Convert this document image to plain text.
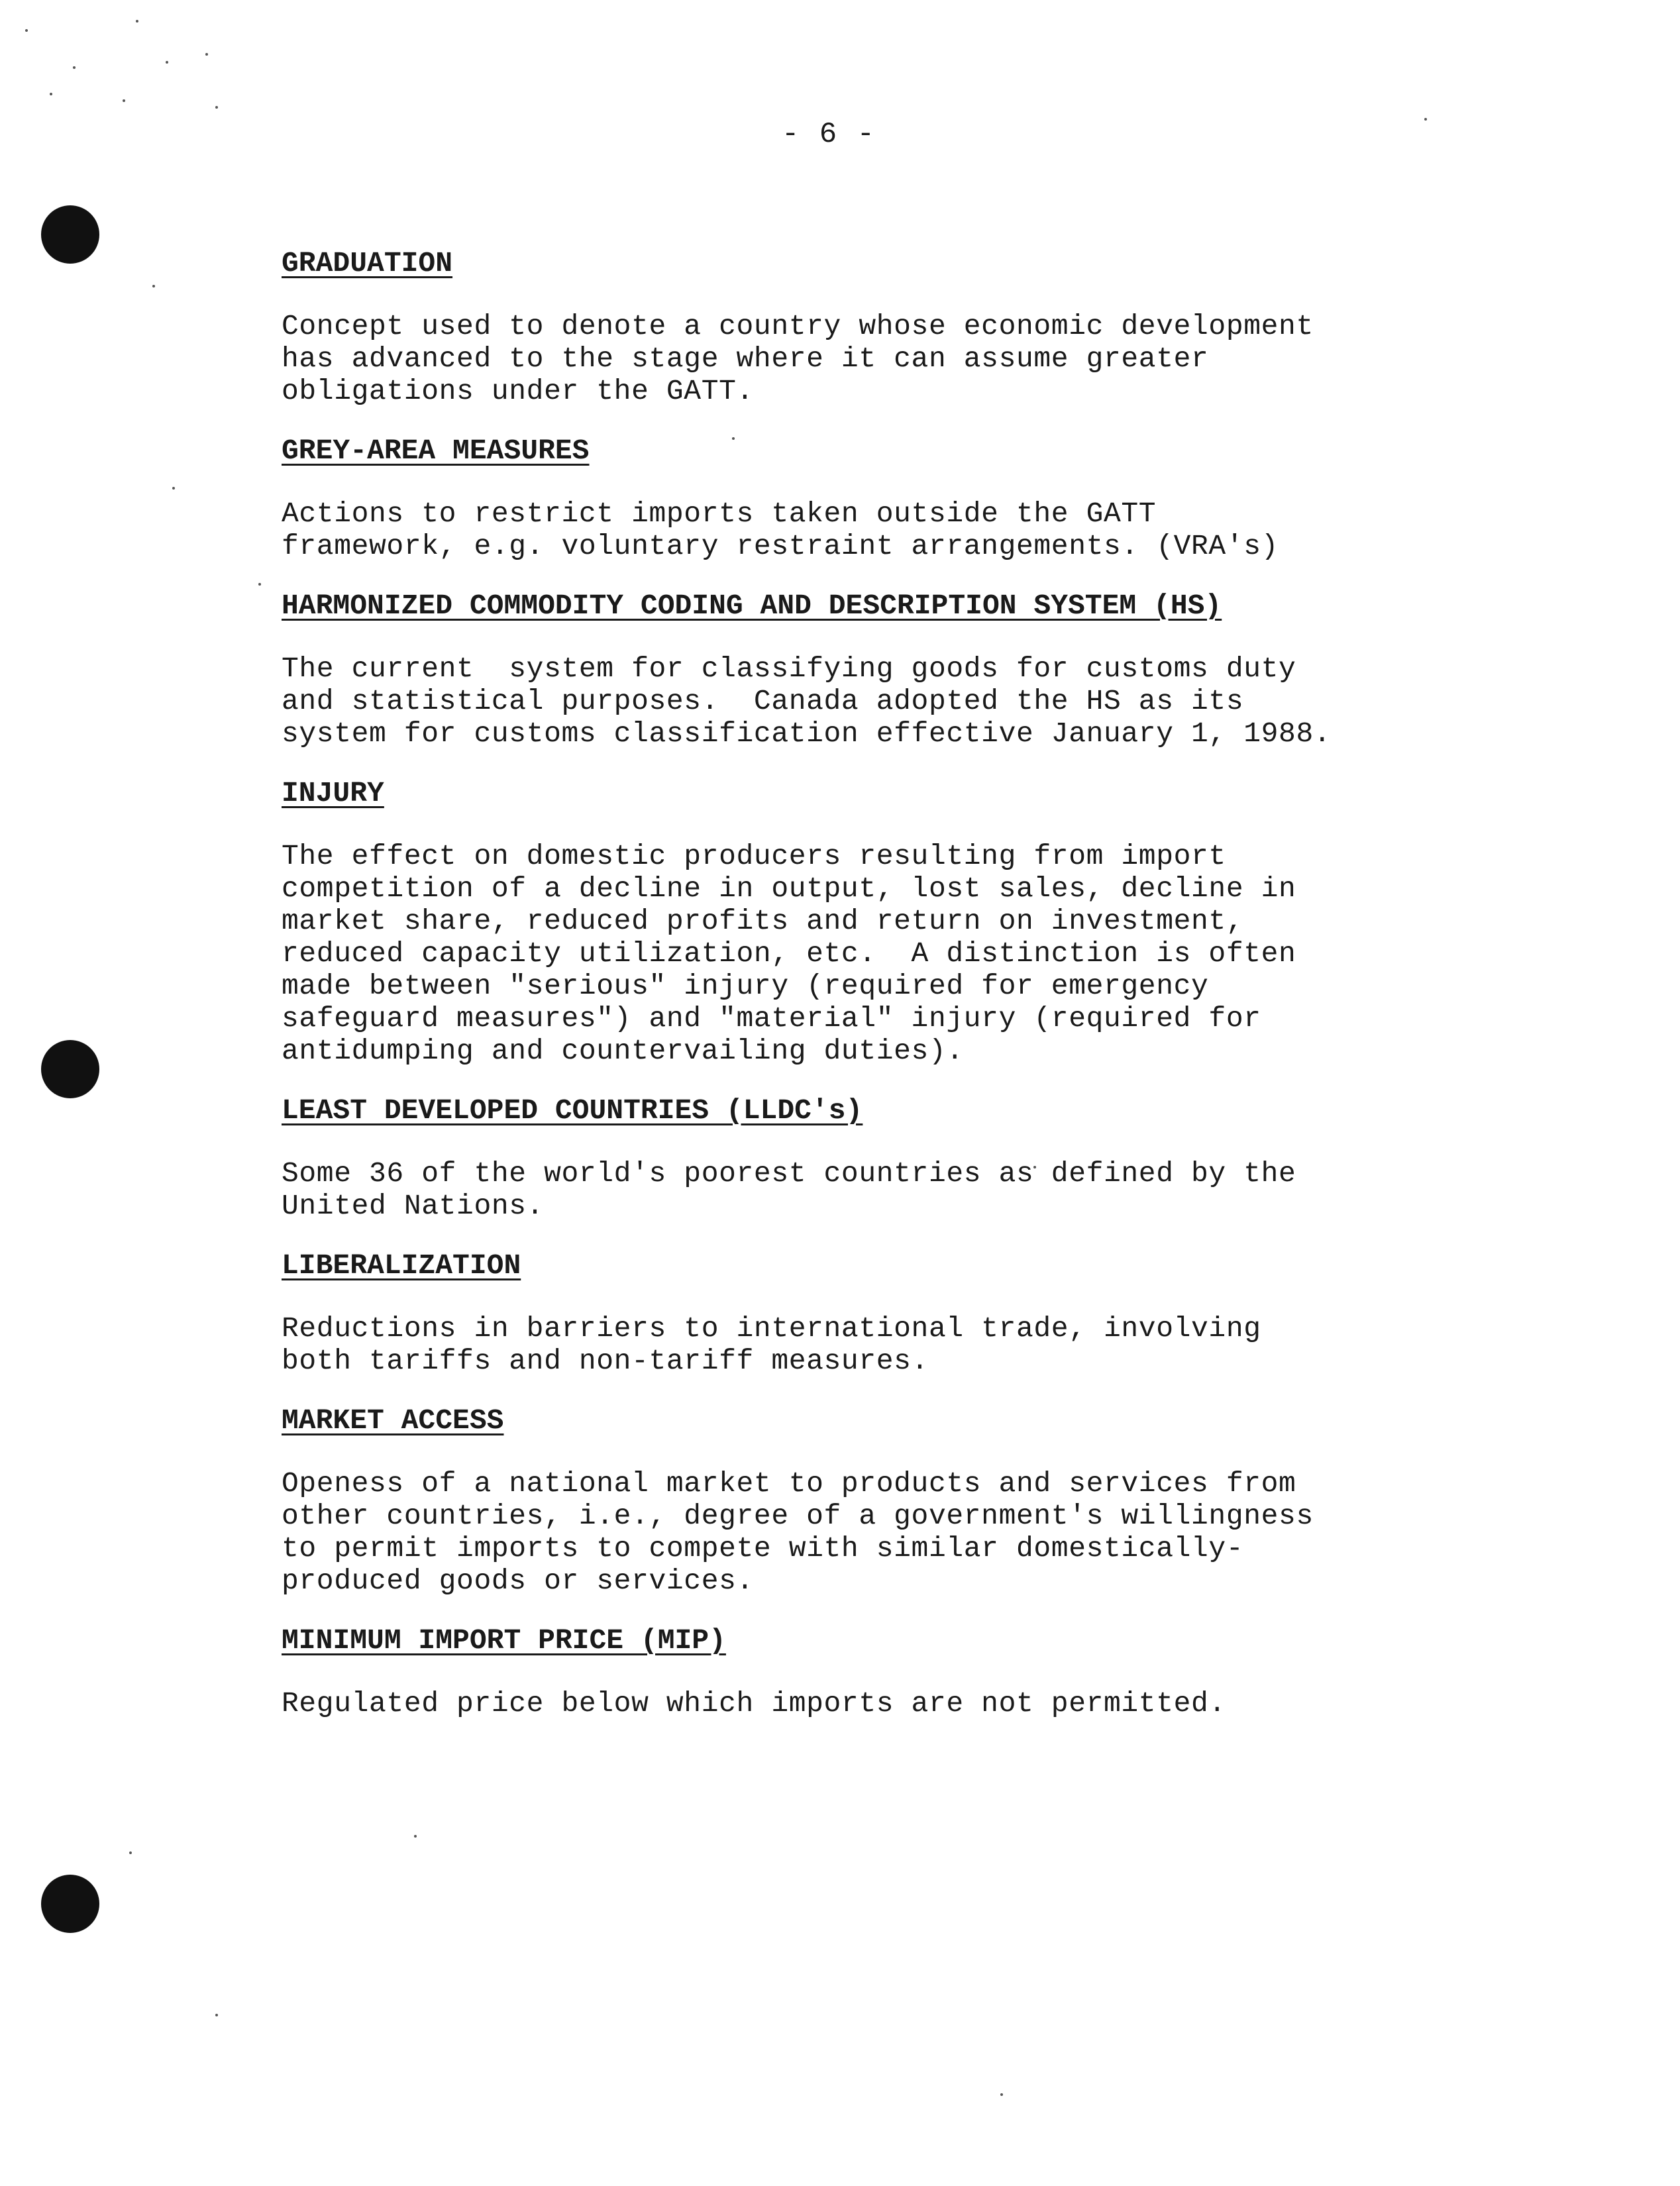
- 6 -
GRADUATION

Concept used to denote a country whose economic development
has advanced to the stage where it can assume greater
obligations under the GATT.

GREY-AREA MEASURES

Actions to restrict imports taken outside the GATT
framework, e.g. voluntary restraint arrangements. (VRA's)

HARMONIZED COMMODITY CODING AND DESCRIPTION SYSTEM (HS)

The current  system for classifying goods for customs duty
and statistical purposes.  Canada adopted the HS as its
system for customs classification effective January 1, 1988.

INJURY

The effect on domestic producers resulting from import
competition of a decline in output, lost sales, decline in
market share, reduced profits and return on investment,
reduced capacity utilization, etc.  A distinction is often
made between "serious" injury (required for emergency
safeguard measures") and "material" injury (required for
antidumping and countervailing duties).

LEAST DEVELOPED COUNTRIES (LLDC's)

Some 36 of the world's poorest countries as defined by the
United Nations.

LIBERALIZATION

Reductions in barriers to international trade, involving
both tariffs and non-tariff measures.

MARKET ACCESS

Openess of a national market to products and services from
other countries, i.e., degree of a government's willingness
to permit imports to compete with similar domestically-
produced goods or services.

MINIMUM IMPORT PRICE (MIP)

Regulated price below which imports are not permitted.
